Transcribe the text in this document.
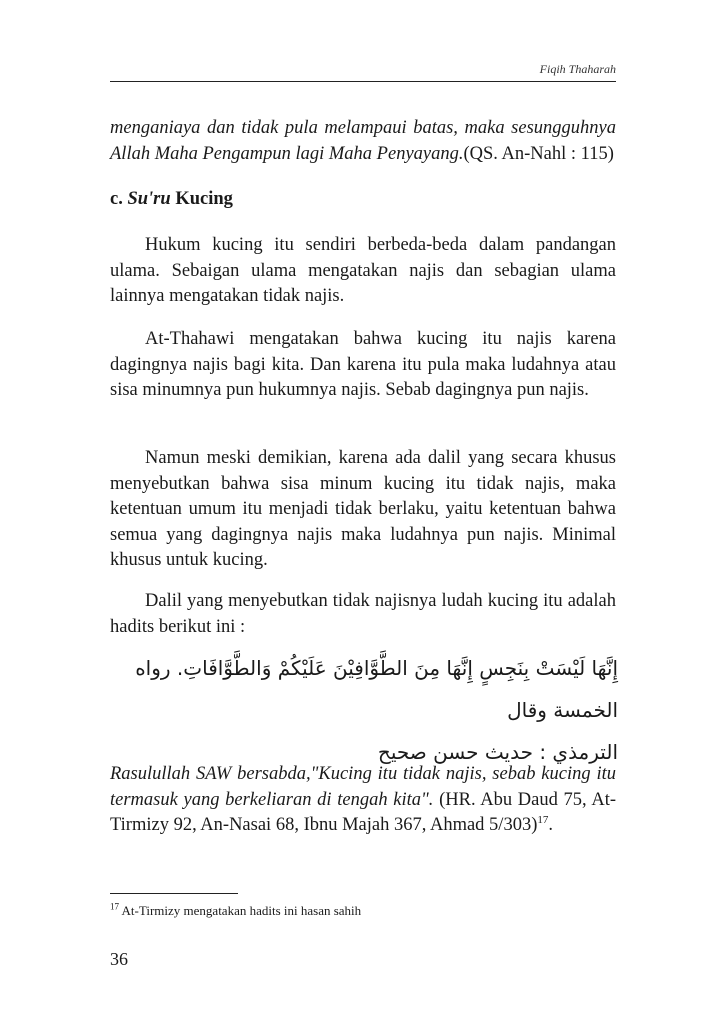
Fiqih Thaharah
menganiaya dan tidak pula melampaui batas, maka sesungguhnya Allah Maha Pengampun lagi Maha Penyayang.(QS. An-Nahl : 115)
c. Su'ru Kucing
Hukum kucing itu sendiri berbeda-beda dalam pandangan ulama. Sebaigan ulama mengatakan najis dan sebagian ulama lainnya mengatakan tidak najis.
At-Thahawi mengatakan bahwa kucing itu najis karena dagingnya najis bagi kita. Dan karena itu pula maka ludahnya atau sisa minumnya pun hukumnya najis. Sebab dagingnya pun najis.
Namun meski demikian, karena ada dalil yang secara khusus menyebutkan bahwa sisa minum kucing itu tidak najis, maka ketentuan umum itu menjadi tidak berlaku, yaitu ketentuan bahwa semua yang dagingnya najis maka ludahnya pun najis. Minimal khusus untuk kucing.
Dalil yang menyebutkan tidak najisnya ludah kucing itu adalah hadits berikut ini :
إِنَّهَا لَيْسَتْ بِنَجِسٍ إِنَّهَا مِنَ الطَّوَّافِيْنَ عَلَيْكُمْ وَالطَّوَّافَاتِ. رواه الخمسة وقال
الترمذي : حديث حسن صحيح
Rasulullah SAW bersabda,"Kucing itu tidak najis, sebab kucing itu termasuk yang berkeliaran di tengah kita". (HR. Abu Daud 75, At-Tirmizy 92, An-Nasai 68, Ibnu Majah 367, Ahmad 5/303)$^{17}$.
$^{17}$ At-Tirmizy mengatakan hadits ini hasan sahih
36
